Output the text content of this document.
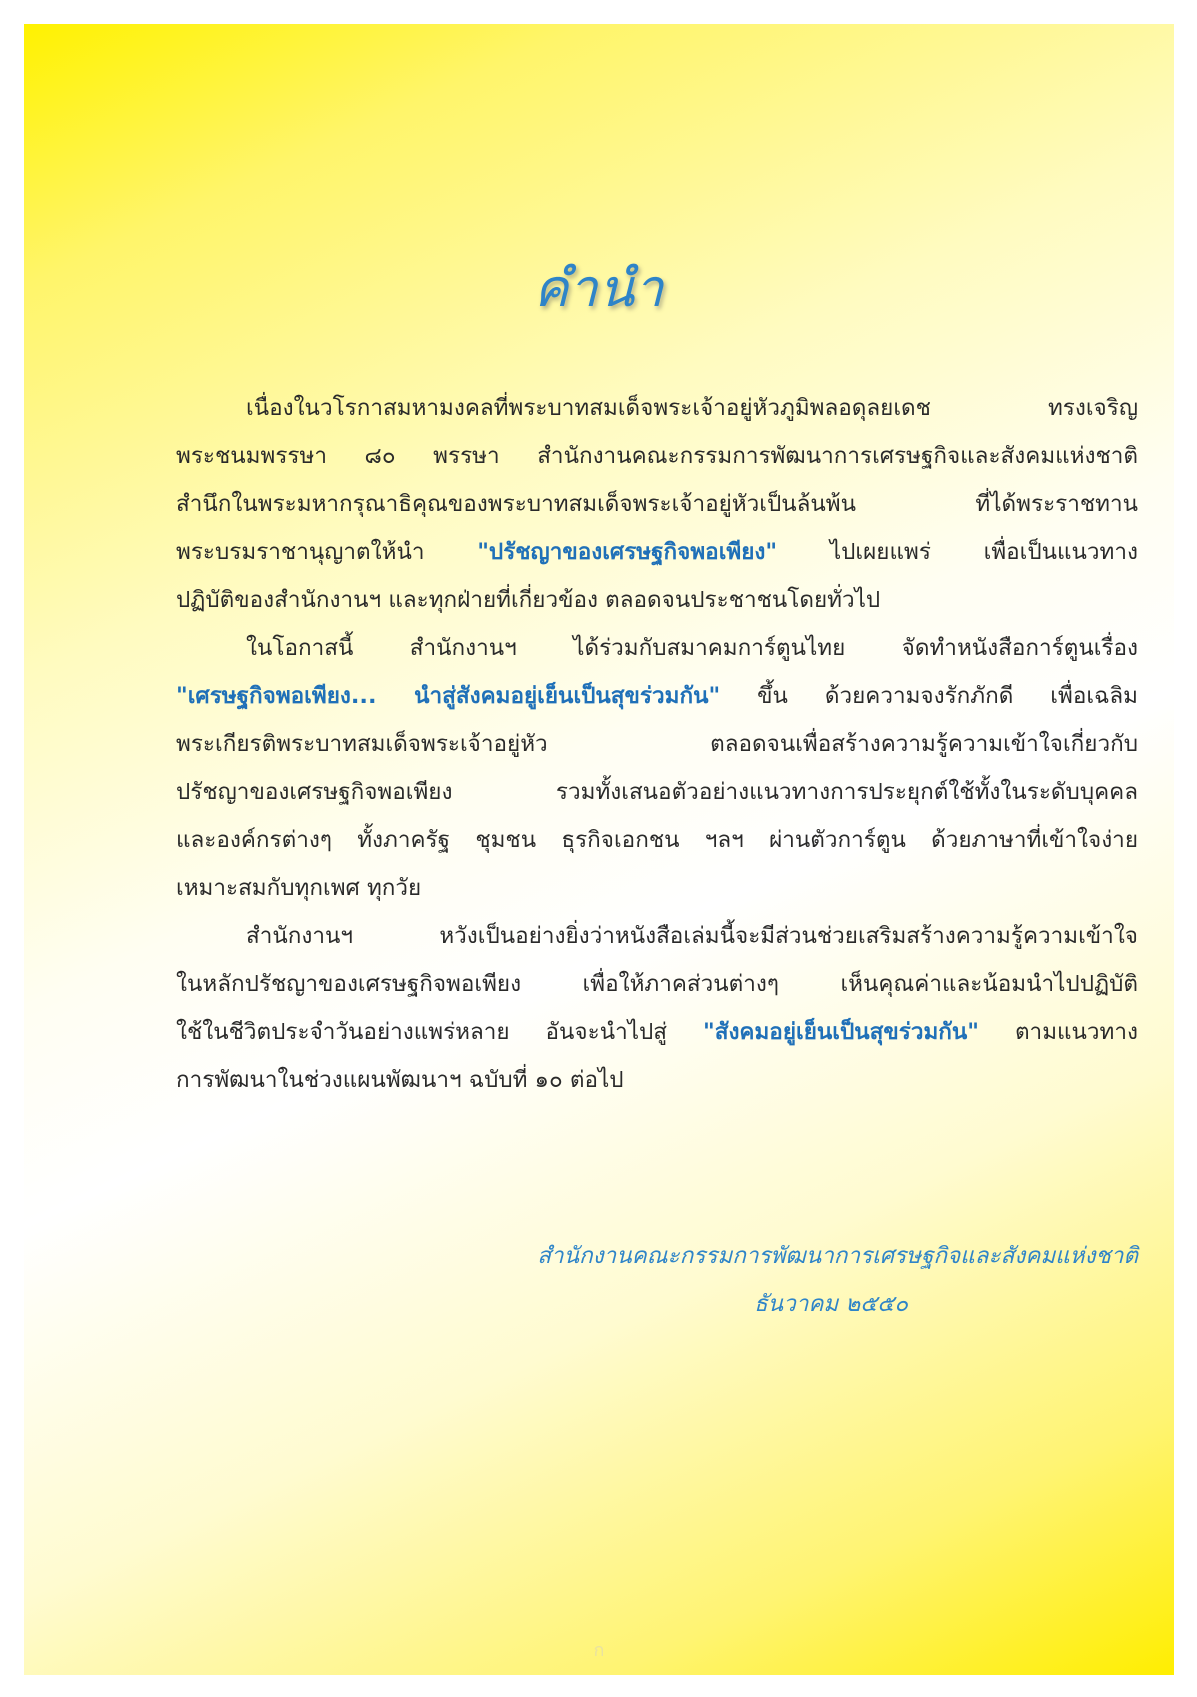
คำนำ
เนื่องในวโรกาสมหามงคลที่พระบาทสมเด็จพระเจ้าอยู่หัวภูมิพลอดุลยเดช ทรงเจริญ
พระชนมพรรษา ๘๐ พรรษา สำนักงานคณะกรรมการพัฒนาการเศรษฐกิจและสังคมแห่งชาติ
สำนึกในพระมหากรุณาธิคุณของพระบาทสมเด็จพระเจ้าอยู่หัวเป็นล้นพ้น ที่ได้พระราชทาน
พระบรมราชานุญาตให้นำ "ปรัชญาของเศรษฐกิจพอเพียง" ไปเผยแพร่ เพื่อเป็นแนวทาง
ปฏิบัติของสำนักงานฯ และทุกฝ่ายที่เกี่ยวข้อง ตลอดจนประชาชนโดยทั่วไป
ในโอกาสนี้ สำนักงานฯ ได้ร่วมกับสมาคมการ์ตูนไทย จัดทำหนังสือการ์ตูนเรื่อง
"เศรษฐกิจพอเพียง... นำสู่สังคมอยู่เย็นเป็นสุขร่วมกัน" ขึ้น ด้วยความจงรักภักดี เพื่อเฉลิม
พระเกียรติพระบาทสมเด็จพระเจ้าอยู่หัว ตลอดจนเพื่อสร้างความรู้ความเข้าใจเกี่ยวกับ
ปรัชญาของเศรษฐกิจพอเพียง รวมทั้งเสนอตัวอย่างแนวทางการประยุกต์ใช้ทั้งในระดับบุคคล
และองค์กรต่างๆ ทั้งภาครัฐ ชุมชน ธุรกิจเอกชน ฯลฯ ผ่านตัวการ์ตูน ด้วยภาษาที่เข้าใจง่าย
เหมาะสมกับทุกเพศ ทุกวัย
สำนักงานฯ หวังเป็นอย่างยิ่งว่าหนังสือเล่มนี้จะมีส่วนช่วยเสริมสร้างความรู้ความเข้าใจ
ในหลักปรัชญาของเศรษฐกิจพอเพียง เพื่อให้ภาคส่วนต่างๆ เห็นคุณค่าและน้อมนำไปปฏิบัติ
ใช้ในชีวิตประจำวันอย่างแพร่หลาย อันจะนำไปสู่ "สังคมอยู่เย็นเป็นสุขร่วมกัน" ตามแนวทาง
การพัฒนาในช่วงแผนพัฒนาฯ ฉบับที่ ๑๐ ต่อไป
สำนักงานคณะกรรมการพัฒนาการเศรษฐกิจและสังคมแห่งชาติ
ธันวาคม ๒๕๕๐
ก
